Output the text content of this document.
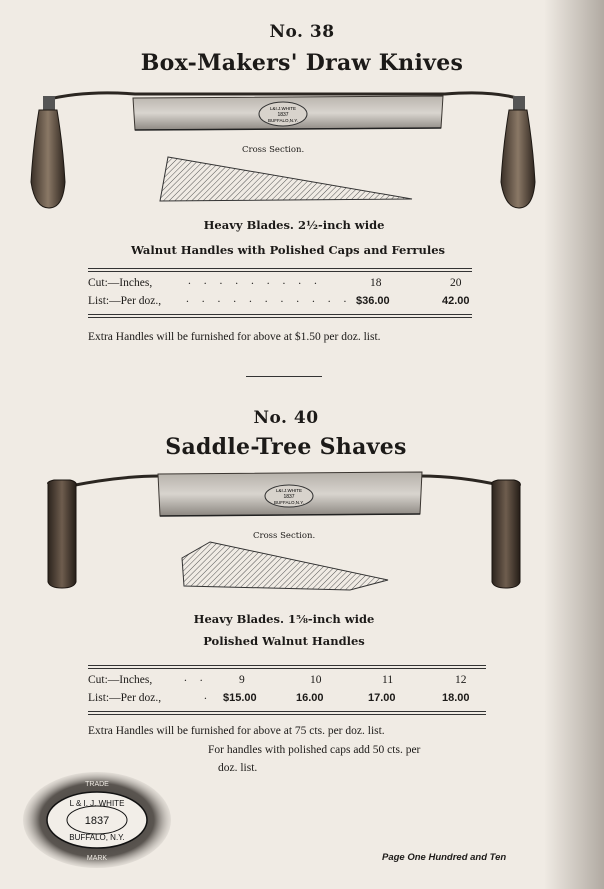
No. 38
Box-Makers' Draw Knives
L&I.J.WHITE
1837
BUFFALO,N.Y.
Cross Section.
Heavy Blades. 2½-inch wide
Walnut Handles with Polished Caps and Ferrules
Cut:—Inches,	. . . . . . . . .	18	20
List:—Per doz., . . . . . . . . . . . $36.00	42.00
Extra Handles will be furnished for above at $1.50 per doz. list.
No. 40
Saddle-Tree Shaves
L&I.J.WHITE
1837
BUFFALO,N.Y.
Cross Section.
Heavy Blades. 1⅝-inch wide
Polished Walnut Handles
Cut:—Inches,	. .	9	10	11	12
List:—Per doz.,	. $15.00	16.00	17.00	18.00
Extra Handles will be furnished for above at 75 cts. per doz. list.
For handles with polished caps add 50 cts. per
doz. list.
TRADE
L & I. J. WHITE
1837
BUFFALO, N.Y.
MARK	Page One Hundred and Ten
